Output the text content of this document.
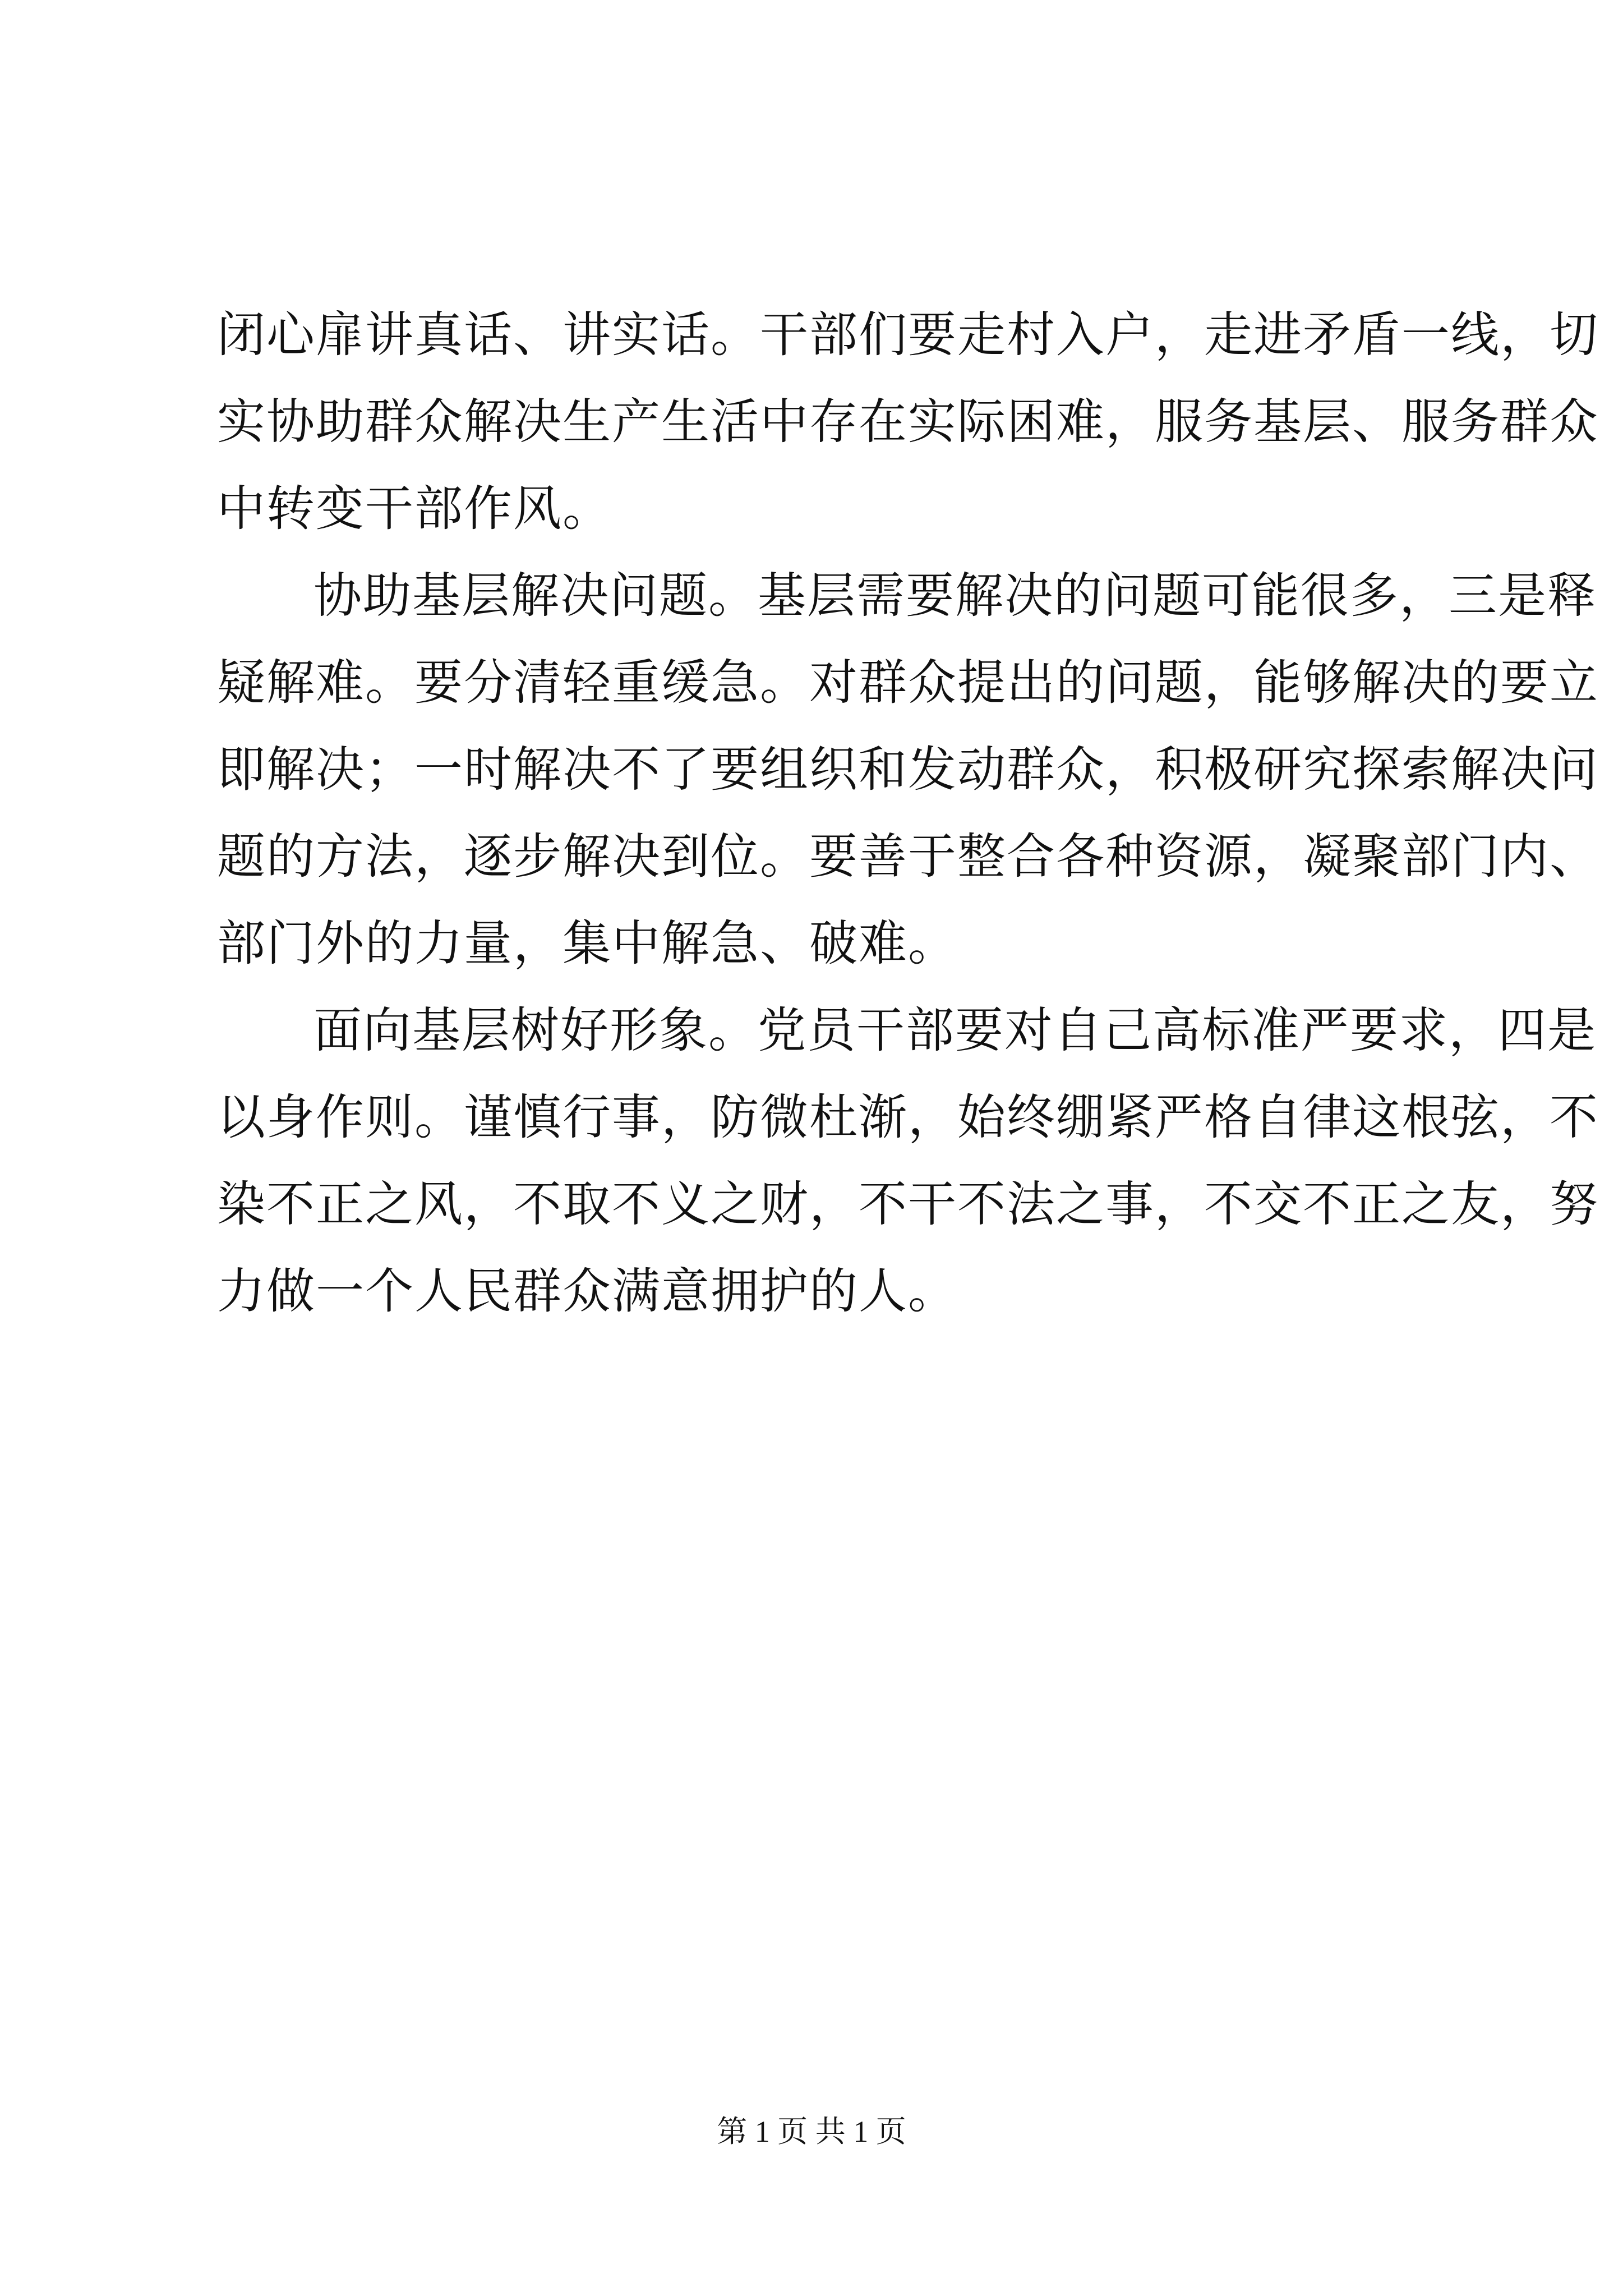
闭心扉讲真话、讲实话。干部们要走村入户，走进矛盾一线，切
实协助群众解决生产生活中存在实际困难，服务基层、服务群众
中转变干部作风。
协助基层解决问题。基层需要解决的问题可能很多，三是释
疑解难。要分清轻重缓急。对群众提出的问题，能够解决的要立
即解决；一时解决不了要组织和发动群众，积极研究探索解决问
题的方法，逐步解决到位。要善于整合各种资源，凝聚部门内、
部门外的力量，集中解急、破难。
面向基层树好形象。党员干部要对自己高标准严要求，四是
以身作则。谨慎行事，防微杜渐，始终绷紧严格自律这根弦，不
染不正之风，不取不义之财，不干不法之事，不交不正之友，努
力做一个人民群众满意拥护的人。
第 1 页 共 1 页
